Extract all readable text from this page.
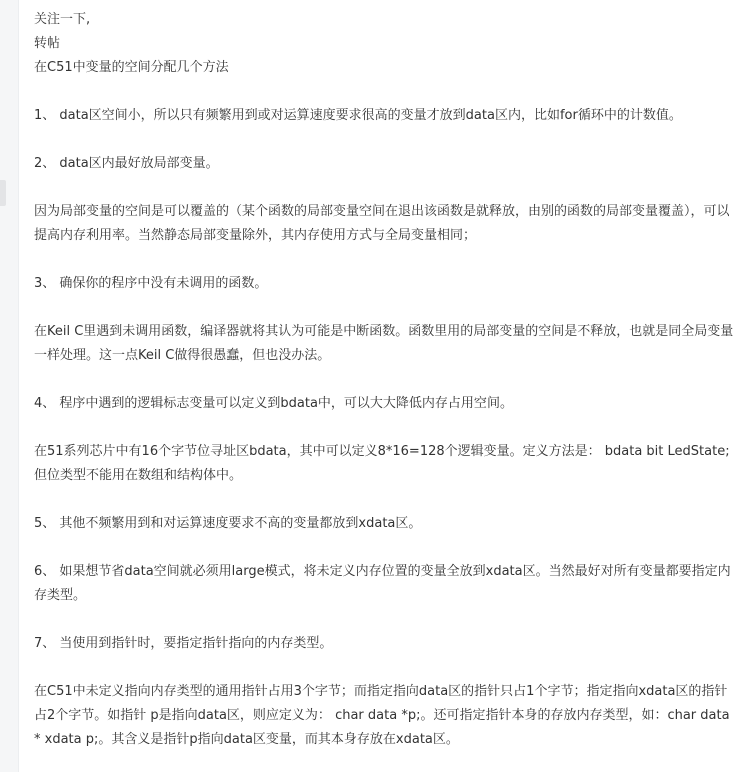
关注一下,

转帖

在C51中变量的空间分配几个方法

1、 data区空间小，所以只有频繁用到或对运算速度要求很高的变量才放到data区内，比如for循环中的计数值。

2、 data区内最好放局部变量。

因为局部变量的空间是可以覆盖的（某个函数的局部变量空间在退出该函数是就释放，由别的函数的局部变量覆盖），可以提高内存利用率。当然静态局部变量除外，其内存使用方式与全局变量相同；

3、 确保你的程序中没有未调用的函数。

在Keil C里遇到未调用函数，编译器就将其认为可能是中断函数。函数里用的局部变量的空间是不释放，也就是同全局变量一样处理。这一点Keil C做得很愚蠢，但也没办法。

4、 程序中遇到的逻辑标志变量可以定义到bdata中，可以大大降低内存占用空间。

在51系列芯片中有16个字节位寻址区bdata，其中可以定义8*16=128个逻辑变量。定义方法是： bdata bit LedState;但位类型不能用在数组和结构体中。

5、 其他不频繁用到和对运算速度要求不高的变量都放到xdata区。

6、 如果想节省data空间就必须用large模式，将未定义内存位置的变量全放到xdata区。当然最好对所有变量都要指定内存类型。

7、 当使用到指针时，要指定指针指向的内存类型。

在C51中未定义指向内存类型的通用指针占用3个字节；而指定指向data区的指针只占1个字节；指定指向xdata区的指针占2个字节。如指针 p是指向data区，则应定义为： char data *p;。还可指定指针本身的存放内存类型，如：char data * xdata p;。其含义是指针p指向data区变量，而其本身存放在xdata区。
